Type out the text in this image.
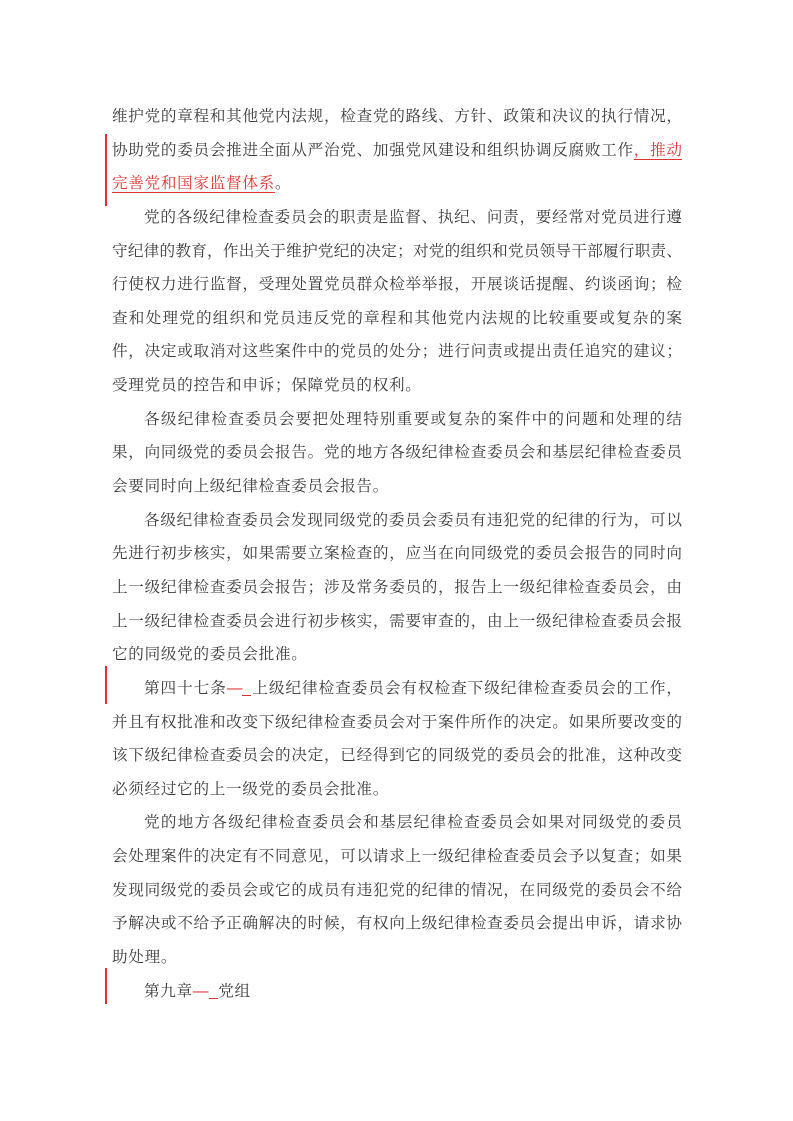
维护党的章程和其他党内法规，检查党的路线、方针、政策和决议的执行情况，
协助党的委员会推进全面从严治党、加强党风建设和组织协调反腐败工作，推动
完善党和国家监督体系。
党的各级纪律检查委员会的职责是监督、执纪、问责，要经常对党员进行遵
守纪律的教育，作出关于维护党纪的决定；对党的组织和党员领导干部履行职责、
行使权力进行监督，受理处置党员群众检举举报，开展谈话提醒、约谈函询；检
查和处理党的组织和党员违反党的章程和其他党内法规的比较重要或复杂的案
件，决定或取消对这些案件中的党员的处分；进行问责或提出责任追究的建议；
受理党员的控告和申诉；保障党员的权利。
各级纪律检查委员会要把处理特别重要或复杂的案件中的问题和处理的结
果，向同级党的委员会报告。党的地方各级纪律检查委员会和基层纪律检查委员
会要同时向上级纪律检查委员会报告。
各级纪律检查委员会发现同级党的委员会委员有违犯党的纪律的行为，可以
先进行初步核实，如果需要立案检查的，应当在向同级党的委员会报告的同时向
上一级纪律检查委员会报告；涉及常务委员的，报告上一级纪律检查委员会，由
上一级纪律检查委员会进行初步核实，需要审查的，由上一级纪律检查委员会报
它的同级党的委员会批准。
第四十七条— 上级纪律检查委员会有权检查下级纪律检查委员会的工作，
并且有权批准和改变下级纪律检查委员会对于案件所作的决定。如果所要改变的
该下级纪律检查委员会的决定，已经得到它的同级党的委员会的批准，这种改变
必须经过它的上一级党的委员会批准。
党的地方各级纪律检查委员会和基层纪律检查委员会如果对同级党的委员
会处理案件的决定有不同意见，可以请求上一级纪律检查委员会予以复查；如果
发现同级党的委员会或它的成员有违犯党的纪律的情况，在同级党的委员会不给
予解决或不给予正确解决的时候，有权向上级纪律检查委员会提出申诉，请求协
助处理。
第九章— 党组
